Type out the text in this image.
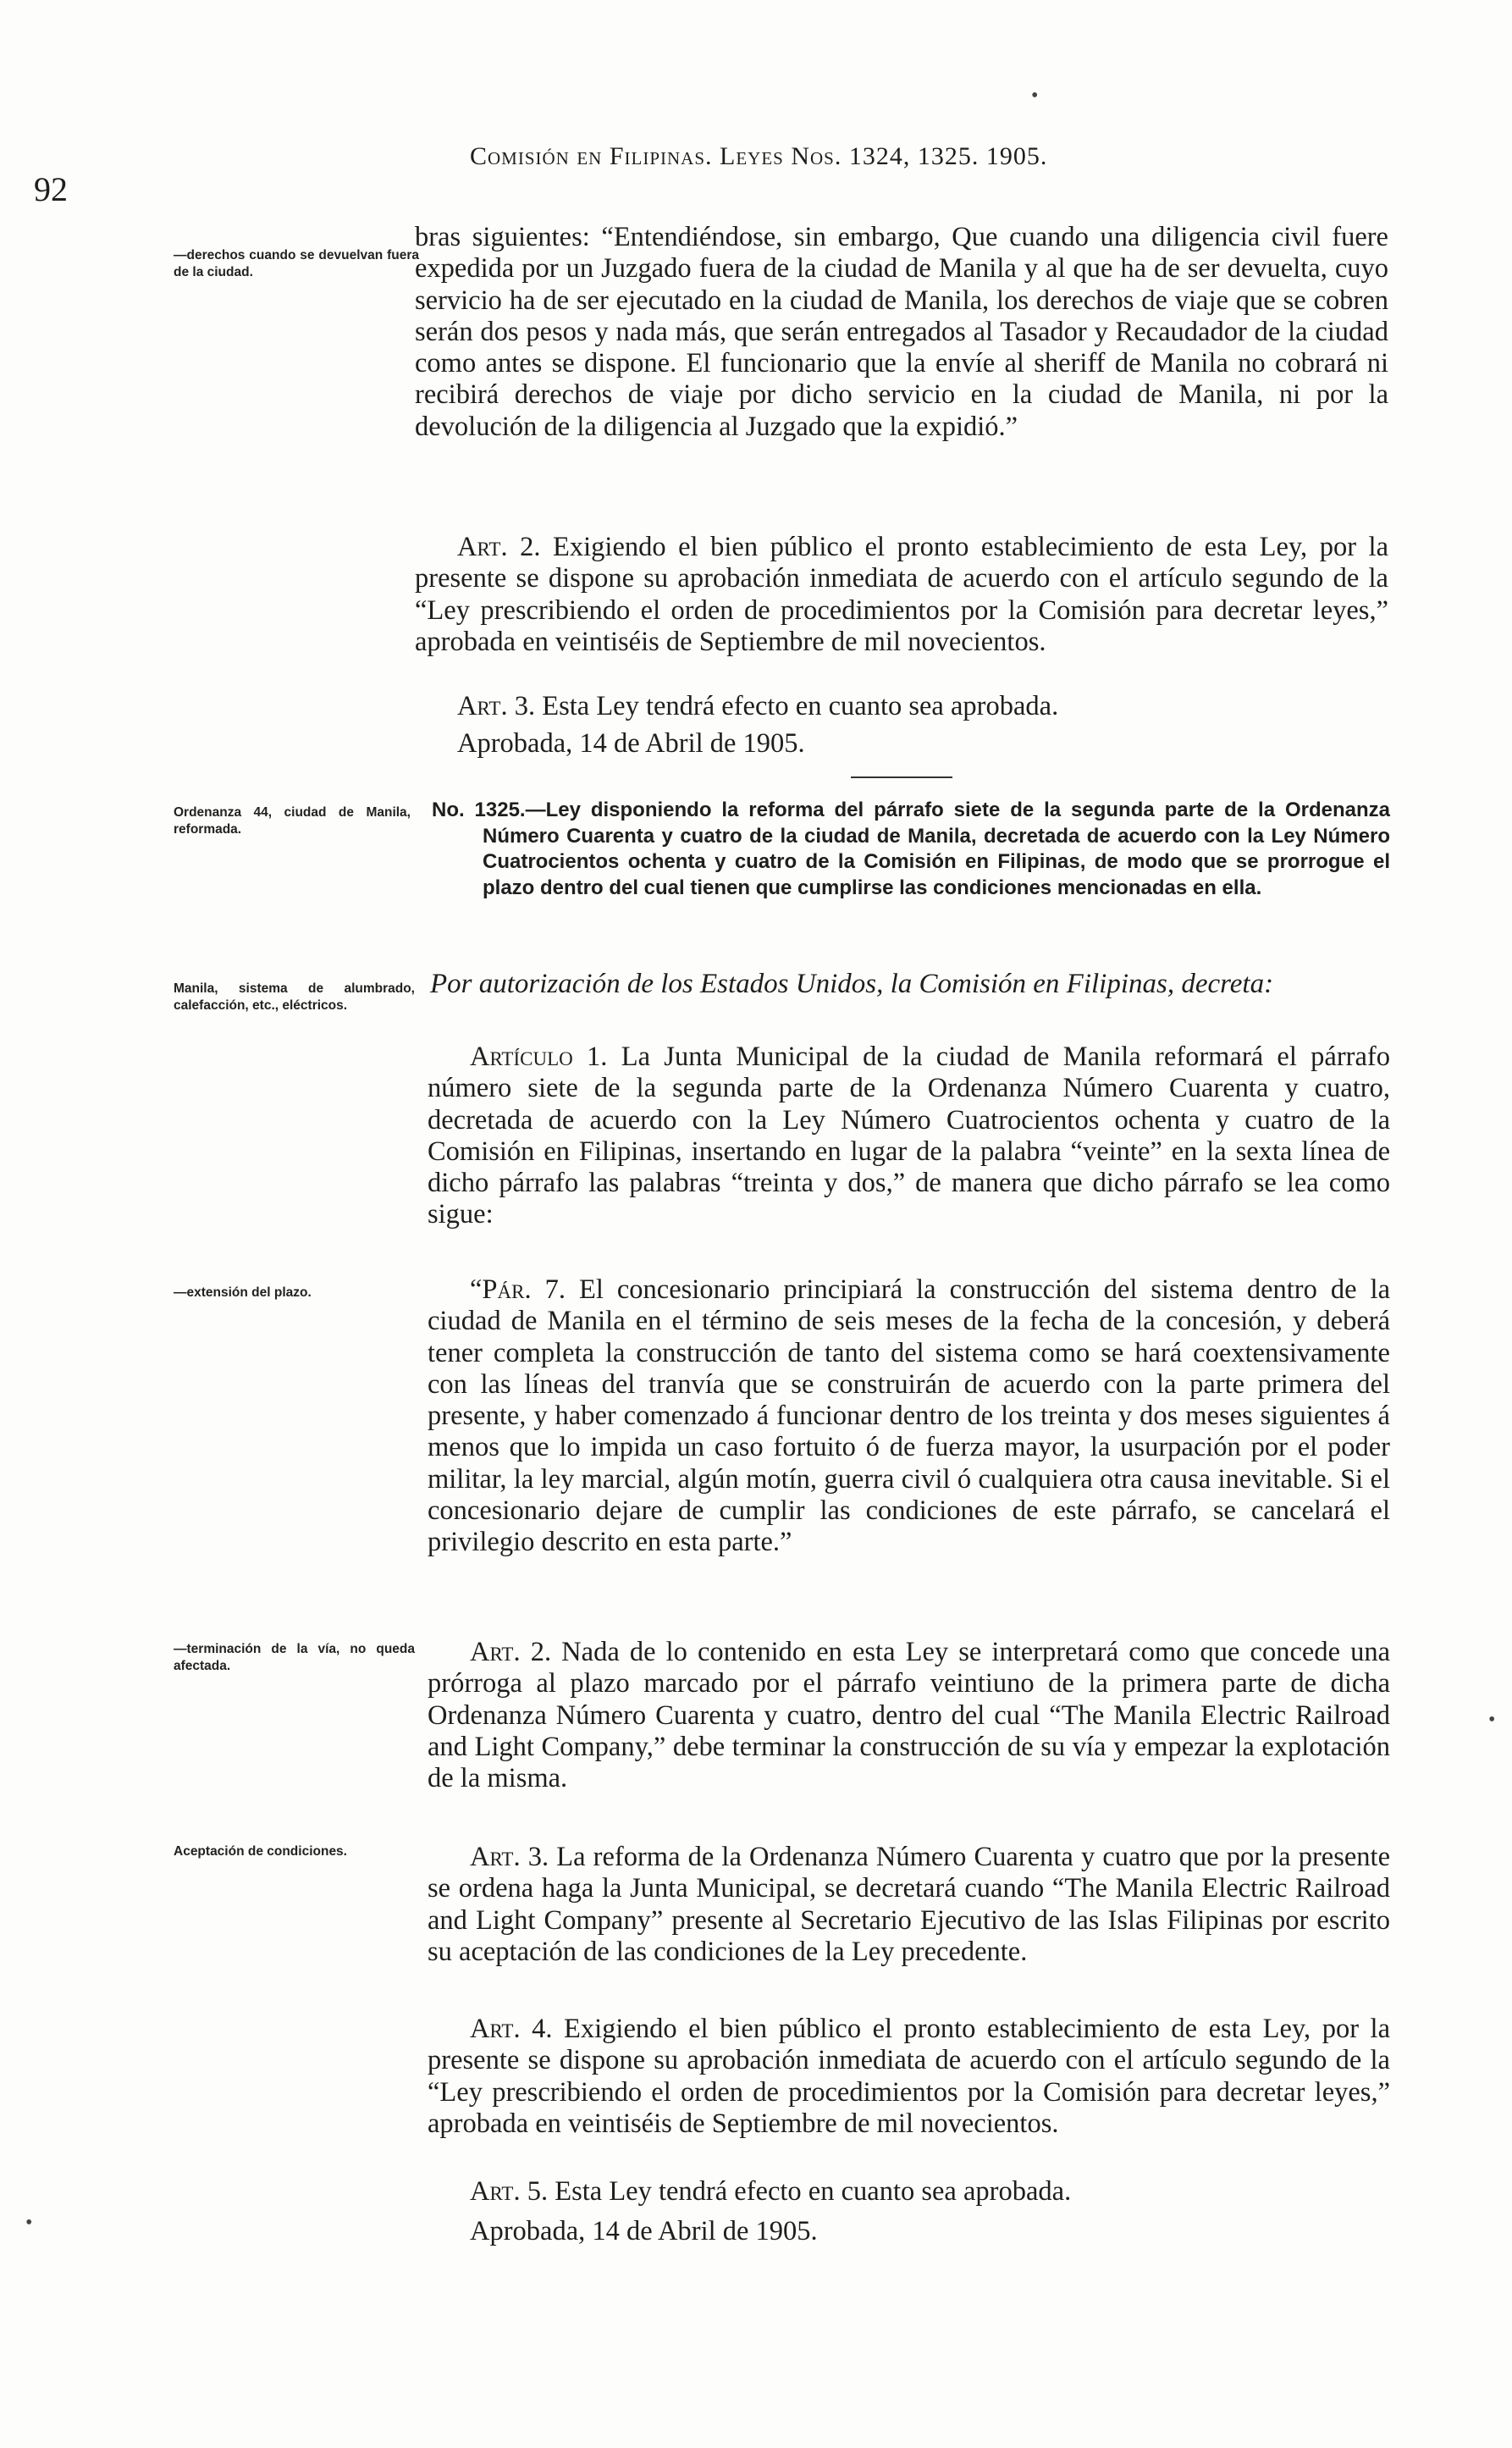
92
Comisión en Filipinas. Leyes Nos. 1324, 1325. 1905.
•
•
•
—derechos cuando se devuelvan fuera de la ciudad.
Ordenanza 44, ciudad de Manila, reformada.
Manila, sistema de alumbrado, calefacción, etc., eléctricos.
—extensión del plazo.
—terminación de la vía, no queda afectada.
Aceptación de condiciones.

bras siguientes: “Entendiéndose, sin embargo, Que cuando una diligencia civil fuere expedida por un Juzgado fuera de la ciudad de Manila y al que ha de ser devuelta, cuyo servicio ha de ser ejecutado en la ciudad de Manila, los derechos de viaje que se cobren serán dos pesos y nada más, que serán entregados al Tasador y Recaudador de la ciudad como antes se dispone. El funcionario que la envíe al sheriff de Manila no cobrará ni recibirá derechos de viaje por dicho servicio en la ciudad de Manila, ni por la devolución de la diligencia al Juzgado que la expidió.”

Art. 2. Exigiendo el bien público el pronto establecimiento de esta Ley, por la presente se dispone su aprobación inmediata de acuerdo con el artículo segundo de la “Ley prescribiendo el orden de procedimientos por la Comisión para decretar leyes,” aprobada en veintiséis de Septiembre de mil novecientos.

Art. 3. Esta Ley tendrá efecto en cuanto sea aprobada.

Aprobada, 14 de Abril de 1905.

No. 1325.—Ley disponiendo la reforma del párrafo siete de la segunda parte de la Ordenanza Número Cuarenta y cuatro de la ciudad de Manila, decretada de acuerdo con la Ley Número Cuatrocientos ochenta y cuatro de la Comisión en Filipinas, de modo que se prorrogue el plazo dentro del cual tienen que cumplirse las condiciones mencionadas en ella.
Por autorización de los Estados Unidos, la Comisión en Filipinas, decreta:

Artículo 1. La Junta Municipal de la ciudad de Manila reformará el párrafo número siete de la segunda parte de la Ordenanza Número Cuarenta y cuatro, decretada de acuerdo con la Ley Número Cuatrocientos ochenta y cuatro de la Comisión en Filipinas, insertando en lugar de la palabra “veinte” en la sexta línea de dicho párrafo las palabras “treinta y dos,” de manera que dicho párrafo se lea como sigue:

“Pár. 7. El concesionario principiará la construcción del sistema dentro de la ciudad de Manila en el término de seis meses de la fecha de la concesión, y deberá tener completa la construcción de tanto del sistema como se hará coextensivamente con las líneas del tranvía que se construirán de acuerdo con la parte primera del presente, y haber comenzado á funcionar dentro de los treinta y dos meses siguientes á menos que lo impida un caso fortuito ó de fuerza mayor, la usurpación por el poder militar, la ley marcial, algún motín, guerra civil ó cualquiera otra causa inevitable. Si el concesionario dejare de cumplir las condiciones de este párrafo, se cancelará el privilegio descrito en esta parte.”

Art. 2. Nada de lo contenido en esta Ley se interpretará como que concede una prórroga al plazo marcado por el párrafo veintiuno de la primera parte de dicha Ordenanza Número Cuarenta y cuatro, dentro del cual “The Manila Electric Railroad and Light Company,” debe terminar la construcción de su vía y empezar la explotación de la misma.

Art. 3. La reforma de la Ordenanza Número Cuarenta y cuatro que por la presente se ordena haga la Junta Municipal, se decretará cuando “The Manila Electric Railroad and Light Company” presente al Secretario Ejecutivo de las Islas Filipinas por escrito su aceptación de las condiciones de la Ley precedente.

Art. 4. Exigiendo el bien público el pronto establecimiento de esta Ley, por la presente se dispone su aprobación inmediata de acuerdo con el artículo segundo de la “Ley prescribiendo el orden de procedimientos por la Comisión para decretar leyes,” aprobada en veintiséis de Septiembre de mil novecientos.

Art. 5. Esta Ley tendrá efecto en cuanto sea aprobada.

Aprobada, 14 de Abril de 1905.
